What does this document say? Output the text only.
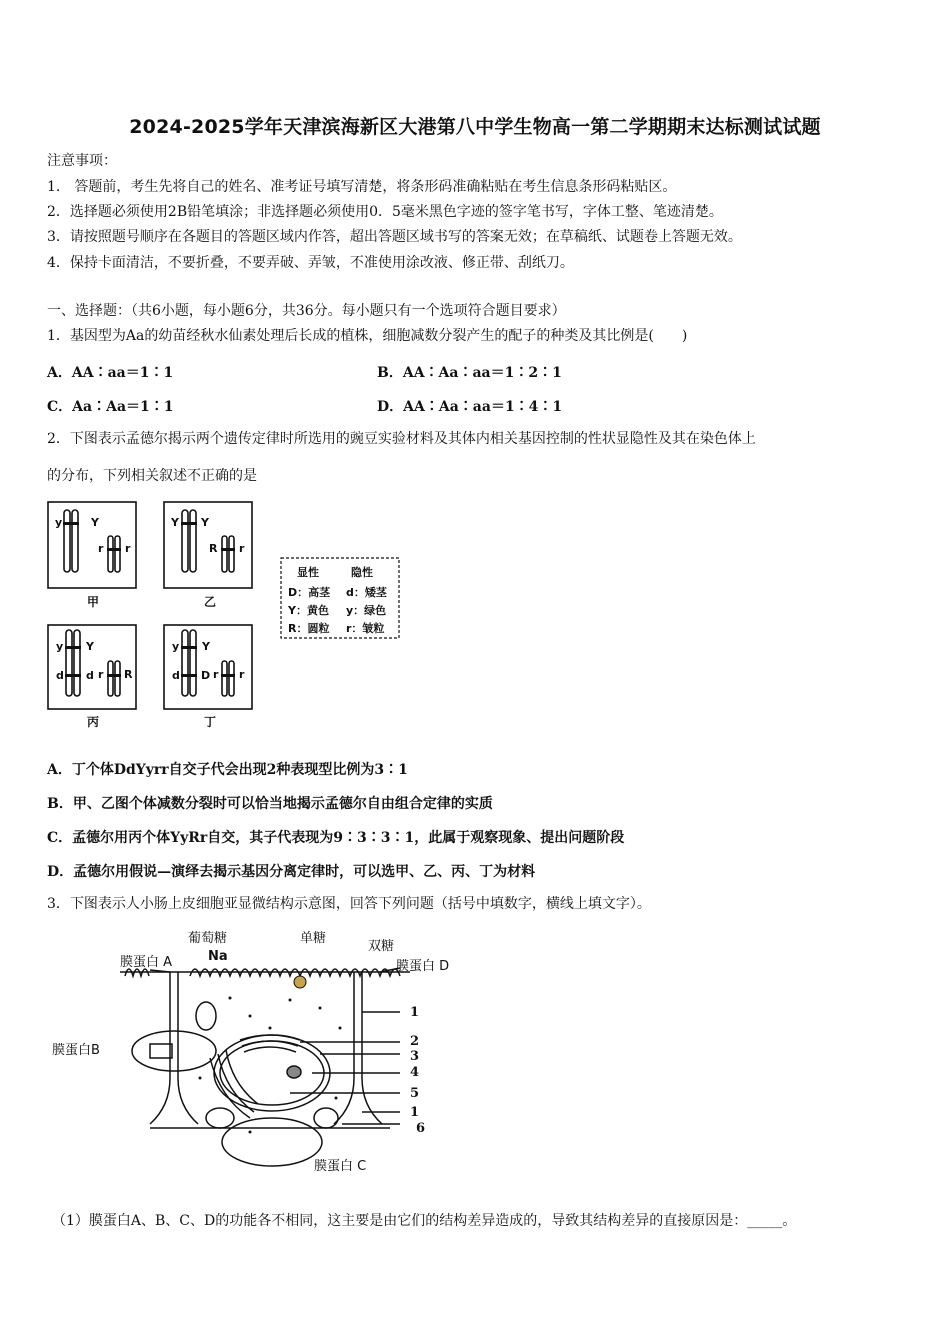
2024-2025学年天津滨海新区大港第八中学生物高一第二学期期末达标测试试题
注意事项：
1.　答题前，考生先将自己的姓名、准考证号填写清楚，将条形码准确粘贴在考生信息条形码粘贴区。
2．选择题必须使用2B铅笔填涂；非选择题必须使用0．5毫米黑色字迹的签字笔书写，字体工整、笔迹清楚。
3．请按照题号顺序在各题目的答题区域内作答，超出答题区域书写的答案无效；在草稿纸、试题卷上答题无效。
4．保持卡面清洁，不要折叠，不要弄破、弄皱，不准使用涂改液、修正带、刮纸刀。
一、选择题：（共6小题，每小题6分，共36分。每小题只有一个选项符合题目要求）
1．基因型为Aa的幼苗经秋水仙素处理后长成的植株，细胞减数分裂产生的配子的种类及其比例是(　　)
A．AA∶aa＝1∶1	B．AA∶Aa∶aa＝1∶2∶1
C．Aa∶Aa＝1∶1	D．AA∶Aa∶aa＝1∶4∶1
2．下图表示孟德尔揭示两个遗传定律时所选用的豌豆实验材料及其体内相关基因控制的性状显隐性及其在染色体上
的分布，下列相关叙述不正确的是
y	Y
r r
Y Y
R r
y Y
d d r R
y Y
d D r r
甲	乙
丙	丁
显性	隐性
D：高茎 d：矮茎
Y：黄色 y：绿色
R：圆粒 r：皱粒
A．丁个体DdYyrr自交子代会出现2种表现型比例为3∶1
B．甲、乙图个体减数分裂时可以恰当地揭示孟德尔自由组合定律的实质
C．孟德尔用丙个体YyRr自交，其子代表现为9∶3∶3∶1，此属于观察现象、提出问题阶段
D．孟德尔用假说—演绎去揭示基因分离定律时，可以选甲、乙、丙、丁为材料
3．下图表示人小肠上皮细胞亚显微结构示意图，回答下列问题（括号中填数字，横线上填文字）。
葡萄糖
Na
单糖
双糖
膜蛋白 A	膜蛋白 D
膜蛋白B
膜蛋白 C
1
2
3
4
5
1
6
（1）膜蛋白A、B、C、D的功能各不相同，这主要是由它们的结构差异造成的，导致其结构差异的直接原因是：_____。
